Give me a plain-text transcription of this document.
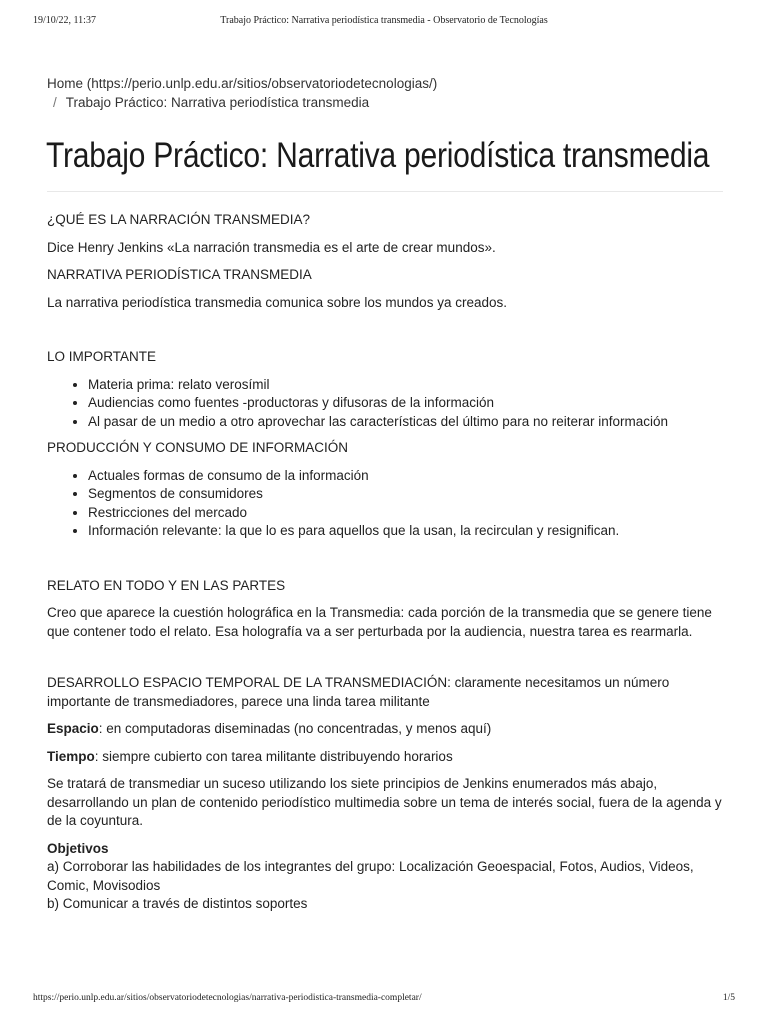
19/10/22, 11:37	Trabajo Práctico: Narrativa periodística transmedia - Observatorio de Tecnologías
Home (https://perio.unlp.edu.ar/sitios/observatoriodetecnologias/)
/ Trabajo Práctico: Narrativa periodística transmedia
Trabajo Práctico: Narrativa periodística transmedia

¿QUÉ ES LA NARRACIÓN TRANSMEDIA?

Dice Henry Jenkins «La narración transmedia es el arte de crear mundos».

NARRATIVA PERIODÍSTICA TRANSMEDIA

La narrativa periodística transmedia comunica sobre los mundos ya creados.

LO IMPORTANTE

• Materia prima: relato verosímil
• Audiencias como fuentes -productoras y difusoras de la información
• Al pasar de un medio a otro aprovechar las características del último para no reiterar información

PRODUCCIÓN Y CONSUMO DE INFORMACIÓN

• Actuales formas de consumo de la información
• Segmentos de consumidores
• Restricciones del mercado
• Información relevante: la que lo es para aquellos que la usan, la recirculan y resignifican.

RELATO EN TODO Y EN LAS PARTES

Creo que aparece la cuestión holográfica en la Transmedia: cada porción de la transmedia que se genere tiene que contener todo el relato. Esa holografía va a ser perturbada por la audiencia, nuestra tarea es rearmarla.

DESARROLLO ESPACIO TEMPORAL DE LA TRANSMEDIACIÓN: claramente necesitamos un número importante de transmediadores, parece una linda tarea militante

Espacio: en computadoras diseminadas (no concentradas, y menos aquí)

Tiempo: siempre cubierto con tarea militante distribuyendo horarios

Se tratará de transmediar un suceso utilizando los siete principios de Jenkins enumerados más abajo, desarrollando un plan de contenido periodístico multimedia sobre un tema de interés social, fuera de la agenda y de la coyuntura.

Objetivos
a) Corroborar las habilidades de los integrantes del grupo: Localización Geoespacial, Fotos, Audios, Videos, Comic, Movisodios
b) Comunicar a través de distintos soportes

https://perio.unlp.edu.ar/sitios/observatoriodetecnologias/narrativa-periodistica-transmedia-completar/	1/5
